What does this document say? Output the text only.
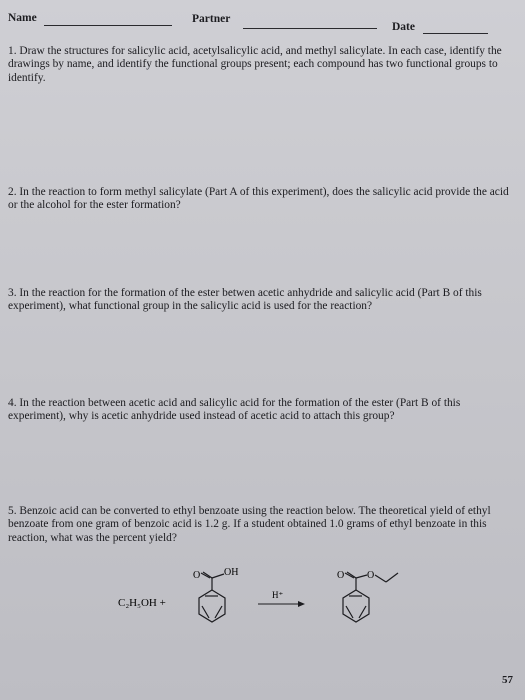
Name	Partner
Date
1. Draw the structures for salicylic acid, acetylsalicylic acid, and methyl salicylate. In each case, identify the drawings by name, and identify the functional groups present; each compound has two functional groups to identify.
2. In the reaction to form methyl salicylate (Part A of this experiment), does the salicylic acid provide the acid or the alcohol for the ester formation?
3. In the reaction for the formation of the ester betwen acetic anhydride and salicylic acid (Part B of this experiment), what functional group in the salicylic acid is used for the reaction?
4. In the reaction between acetic acid and salicylic acid for the formation of the ester (Part B of this experiment), why is acetic anhydride used instead of acetic acid to attach this group?
5. Benzoic acid can be converted to ethyl benzoate using the reaction below. The theoretical yield of ethyl benzoate from one gram of benzoic acid is 1.2 g. If a student obtained 1.0 grams of ethyl benzoate in this reaction, what was the percent yield?
C₂H₅OH +
O OH
H⁺
O O
57
